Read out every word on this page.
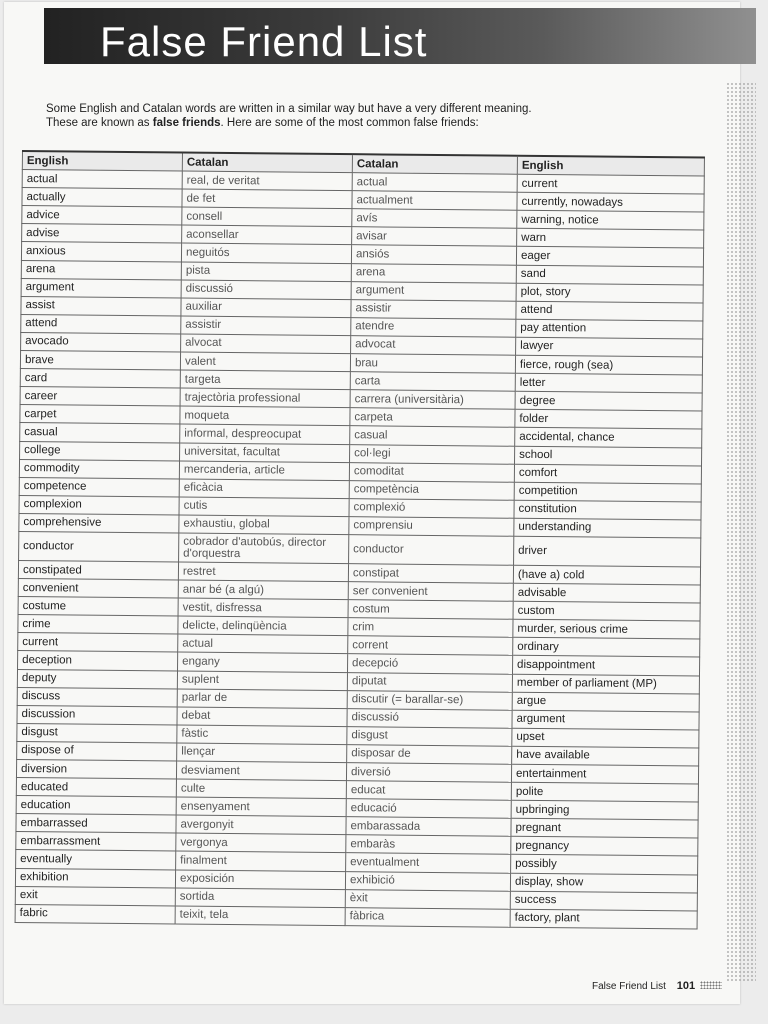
False Friend List
Some English and Catalan words are written in a similar way but have a very different meaning.
These are known as false friends. Here are some of the most common false friends:
English	Catalan	Catalan	English
actual	real, de veritat	actual	current
actually	de fet	actualment	currently, nowadays
advice	consell	avís	warning, notice
advise	aconsellar	avisar	warn
anxious	neguitós	ansiós	eager
arena	pista	arena	sand
argument	discussió	argument	plot, story
assist	auxiliar	assistir	attend
attend	assistir	atendre	pay attention
avocado	alvocat	advocat	lawyer
brave	valent	brau	fierce, rough (sea)
card	targeta	carta	letter
career	trajectòria professional	carrera (universitària)	degree
carpet	moqueta	carpeta	folder
casual	informal, despreocupat	casual	accidental, chance
college	universitat, facultat	col·legi	school
commodity	mercanderia, article	comoditat	comfort
competence	eficàcia	competència	competition
complexion	cutis	complexió	constitution
comprehensive	exhaustiu, global	comprensiu	understanding
conductor	cobrador d'autobús, director d'orquestra	conductor	driver
constipated	restret	constipat	(have a) cold
convenient	anar bé (a algú)	ser convenient	advisable
costume	vestit, disfressa	costum	custom
crime	delicte, delinqüència	crim	murder, serious crime
current	actual	corrent	ordinary
deception	engany	decepció	disappointment
deputy	suplent	diputat	member of parliament (MP)
discuss	parlar de	discutir (= barallar-se)	argue
discussion	debat	discussió	argument
disgust	fàstic	disgust	upset
dispose of	llençar	disposar de	have available
diversion	desviament	diversió	entertainment
educated	culte	educat	polite
education	ensenyament	educació	upbringing
embarrassed	avergonyit	embarassada	pregnant
embarrassment	vergonya	embaràs	pregnancy
eventually	finalment	eventualment	possibly
exhibition	exposición	exhibició	display, show
exit	sortida	èxit	success
fabric	teixit, tela	fàbrica	factory, plant
False Friend List 101
